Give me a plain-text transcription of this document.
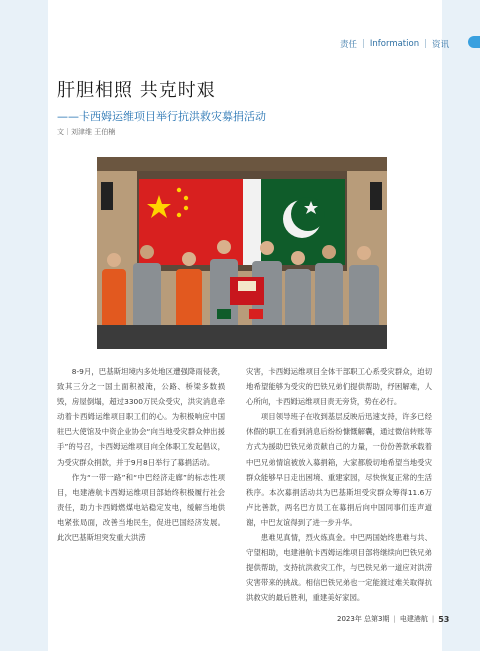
责任 | Information | 资讯
肝胆相照 共克时艰
——卡西姆运维项目举行抗洪救灾募捐活动
文｜刘津维 王伯楠

8-9月，巴基斯坦境内多处地区遭强降雨侵袭，致其三分之一国土面积被淹，公路、桥梁多数损毁，房屋倒塌，超过3300万民众受灾，洪灾消息牵动着卡西姆运维项目职工们的心。为积极响应中国驻巴大使馆及中资企业协会“向当地受灾群众伸出援手”的号召，卡西姆运维项目向全体职工发起倡议，为受灾群众捐款，并于9月8日举行了募捐活动。

作为“一带一路”和“中巴经济走廊”的标志性项目，电建港航卡西姆运维项目部始终积极履行社会责任，助力卡西姆燃煤电站稳定发电，缓解当地供电紧张局面，改善当地民生，促进巴国经济发展。此次巴基斯坦突发重大洪涝

灾害，卡西姆运维项目全体干部职工心系受灾群众，迫切地希望能够为受灾的巴铁兄弟们提供帮助，纾困解难，人心所向，卡西姆运维项目责无旁贷，势在必行。

项目领导班子在收到基层反映后迅速支持，许多已经休假的职工在看到消息后纷纷慷慨解囊，通过微信转账等方式为援助巴铁兄弟贡献自己的力量，一份份善款承载着中巴兄弟情谊被放入募捐箱，大家都殷切地希望当地受灾群众能够早日走出困境、重建家园，尽快恢复正常的生活秩序。本次募捐活动共为巴基斯坦受灾群众筹得11.6万卢比善款，两名巴方员工在募捐后向中国同事们连声道谢，中巴友谊得到了进一步升华。

患难见真情，烈火炼真金。中巴两国始终患难与共、守望相助，电建港航卡西姆运维项目部将继续向巴铁兄弟提供帮助，支持抗洪救灾工作，与巴铁兄弟一道应对洪涝灾害带来的挑战。相信巴铁兄弟也一定能渡过难关取得抗洪救灾的最后胜利，重建美好家园。

2023年 总第3期 | 电建港航 | 53
